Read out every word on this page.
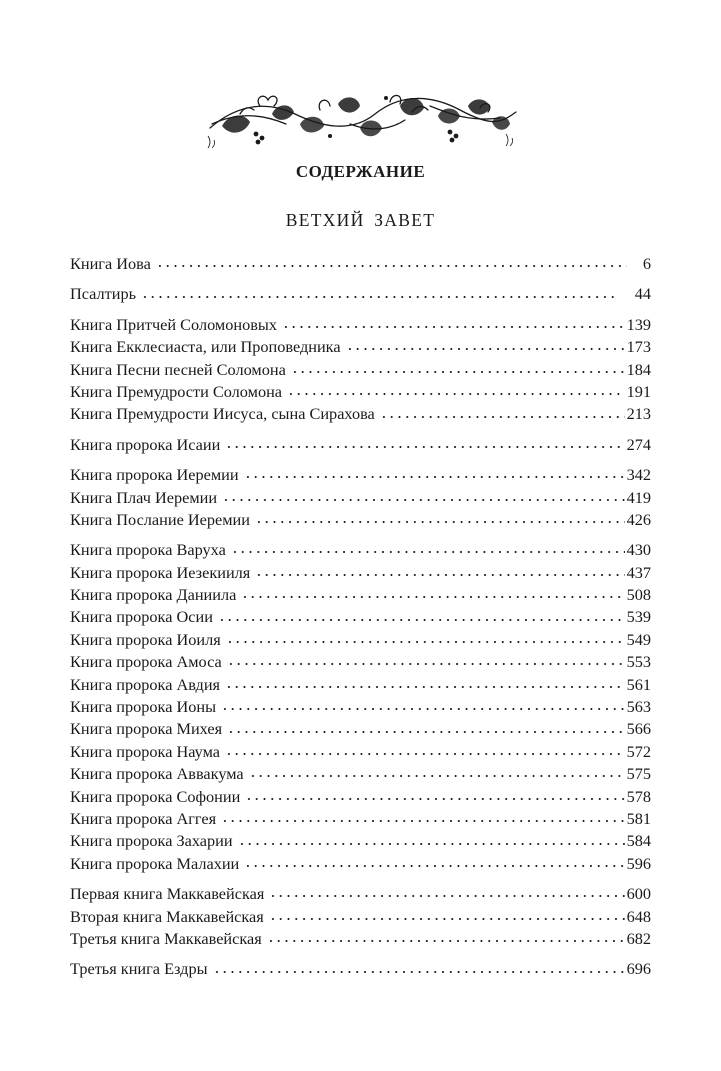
СОДЕРЖАНИЕ
ВЕТХИЙ ЗАВЕТ
Книга Иова	6
Псалтирь	44
Книга Притчей Соломоновых	139
Книга Екклесиаста, или Проповедника	173
Книга Песни песней Соломона	184
Книга Премудрости Соломона	191
Книга Премудрости Иисуса, сына Сирахова	213
Книга пророка Исаии	274
Книга пророка Иеремии	342
Книга Плач Иеремии	419
Книга Послание Иеремии	426
Книга пророка Варуха	430
Книга пророка Иезекииля	437
Книга пророка Даниила	508
Книга пророка Осии	539
Книга пророка Иоиля	549
Книга пророка Амоса	553
Книга пророка Авдия	561
Книга пророка Ионы	563
Книга пророка Михея	566
Книга пророка Наума	572
Книга пророка Аввакума	575
Книга пророка Софонии	578
Книга пророка Аггея	581
Книга пророка Захарии	584
Книга пророка Малахии	596
Первая книга Маккавейская	600
Вторая книга Маккавейская	648
Третья книга Маккавейская	682
Третья книга Ездры	696
